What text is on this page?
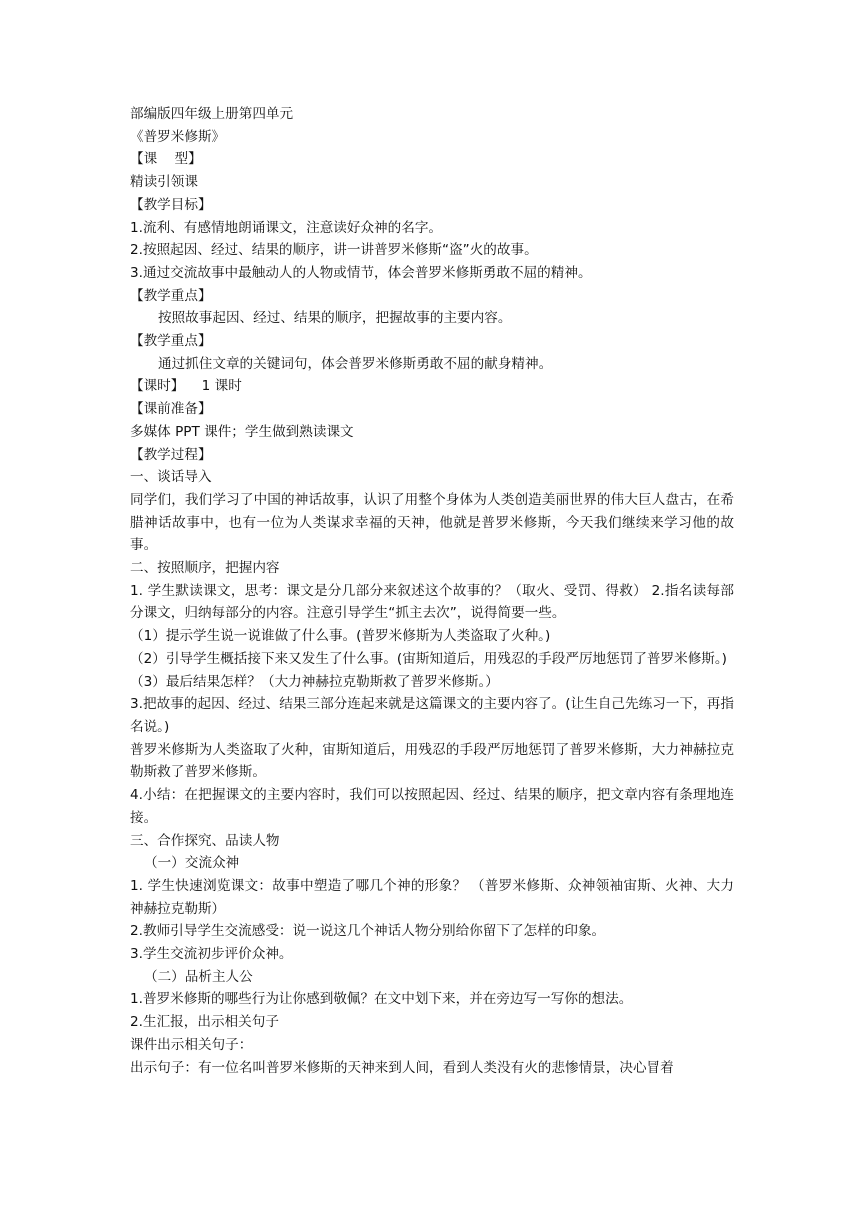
部编版四年级上册第四单元
《普罗米修斯》
【课    型】
精读引领课
【教学目标】
1.流利、有感情地朗诵课文，注意读好众神的名字。
2.按照起因、经过、结果的顺序，讲一讲普罗米修斯“盗”火的故事。
3.通过交流故事中最触动人的人物或情节，体会普罗米修斯勇敢不屈的精神。
【教学重点】
按照故事起因、经过、结果的顺序，把握故事的主要内容。
【教学重点】
通过抓住文章的关键词句，体会普罗米修斯勇敢不屈的献身精神。
【课时】    1 课时
【课前准备】
多媒体 PPT 课件；学生做到熟读课文
【教学过程】
一、谈话导入
同学们，我们学习了中国的神话故事，认识了用整个身体为人类创造美丽世界的伟大巨人盘古，在希腊神话故事中，也有一位为人类谋求幸福的天神，他就是普罗米修斯，今天我们继续来学习他的故事。
二、按照顺序，把握内容
1. 学生默读课文，思考：课文是分几部分来叙述这个故事的？（取火、受罚、得救） 2.指名读每部分课文，归纳每部分的内容。注意引导学生“抓主去次”，说得简要一些。
（1）提示学生说一说谁做了什么事。(普罗米修斯为人类盗取了火种。)
（2）引导学生概括接下来又发生了什么事。(宙斯知道后，用残忍的手段严厉地惩罚了普罗米修斯。)
（3）最后结果怎样？（大力神赫拉克勒斯救了普罗米修斯。）
3.把故事的起因、经过、结果三部分连起来就是这篇课文的主要内容了。(让生自己先练习一下，再指名说。)
普罗米修斯为人类盗取了火种，宙斯知道后，用残忍的手段严厉地惩罚了普罗米修斯，大力神赫拉克勒斯救了普罗米修斯。
4.小结：在把握课文的主要内容时，我们可以按照起因、经过、结果的顺序，把文章内容有条理地连接。
三、合作探究、品读人物
（一）交流众神
1. 学生快速浏览课文：故事中塑造了哪几个神的形象？ （普罗米修斯、众神领袖宙斯、火神、大力神赫拉克勒斯）
2.教师引导学生交流感受：说一说这几个神话人物分别给你留下了怎样的印象。
3.学生交流初步评价众神。
（二）品析主人公
1.普罗米修斯的哪些行为让你感到敬佩？在文中划下来，并在旁边写一写你的想法。
2.生汇报，出示相关句子
课件出示相关句子：
出示句子：有一位名叫普罗米修斯的天神来到人间，看到人类没有火的悲惨情景，决心冒着
